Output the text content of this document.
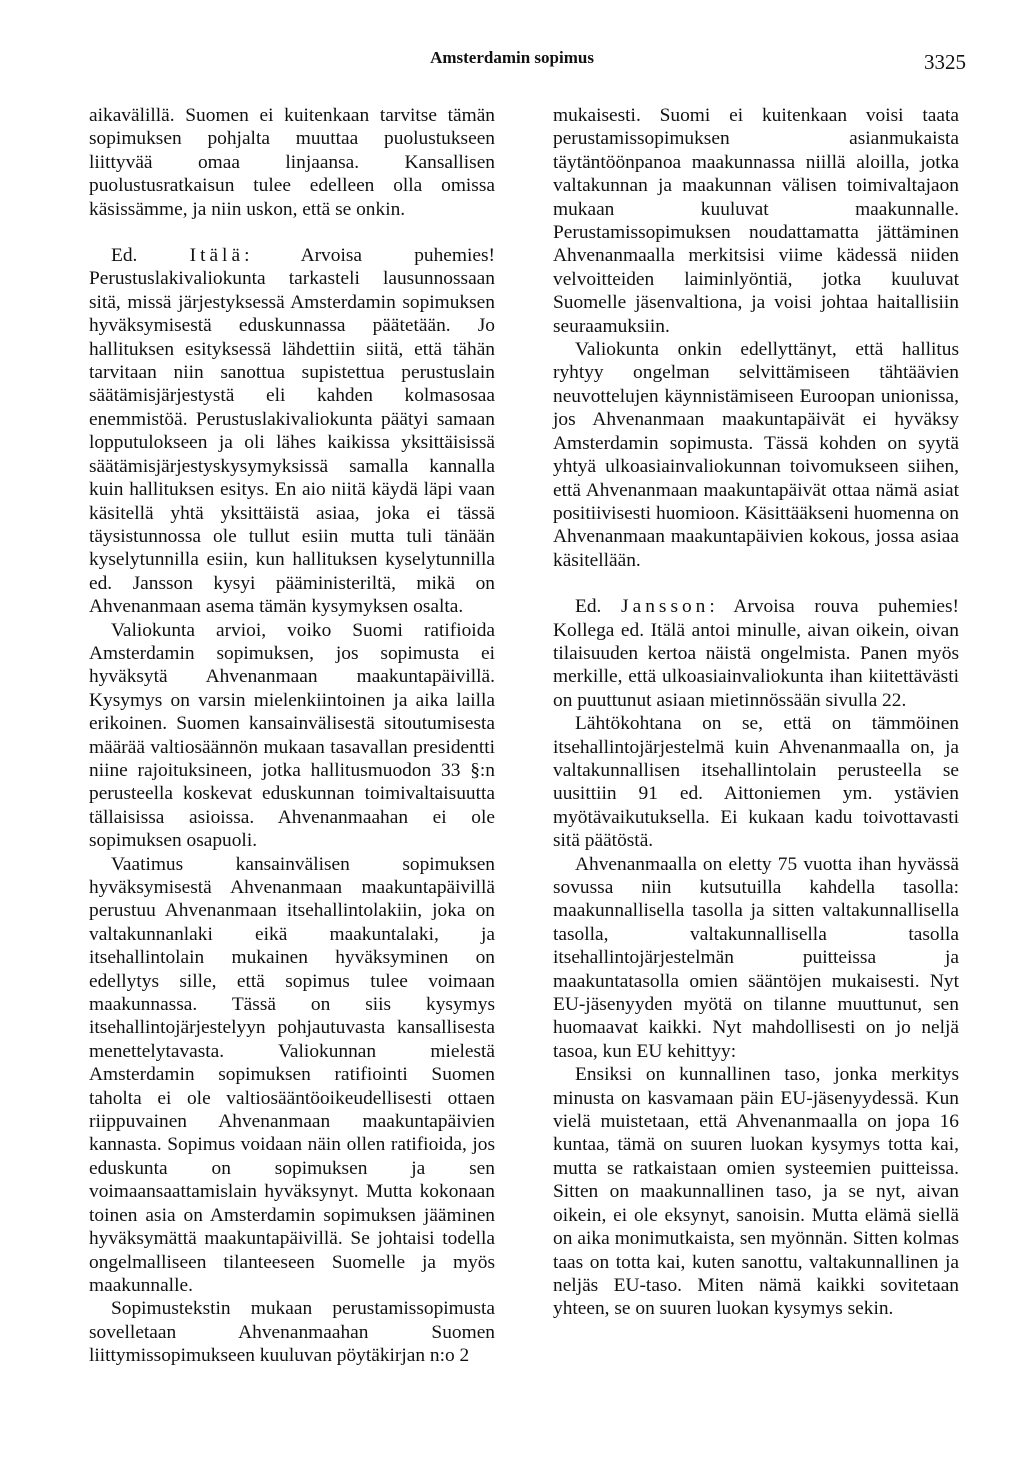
Amsterdamin sopimus	3325

aikavälillä. Suomen ei kuitenkaan tarvitse tämän sopimuksen pohjalta muuttaa puolustukseen liittyvää omaa linjaansa. Kansallisen puolustusratkaisun tulee edelleen olla omissa käsissämme, ja niin uskon, että se onkin.

Ed. Itälä: Arvoisa puhemies! Perustuslakivaliokunta tarkasteli lausunnossaan sitä, missä järjestyksessä Amsterdamin sopimuksen hyväksymisestä eduskunnassa päätetään. Jo hallituksen esityksessä lähdettiin siitä, että tähän tarvitaan niin sanottua supistettua perustuslain säätämisjärjestystä eli kahden kolmasosaa enemmistöä. Perustuslakivaliokunta päätyi samaan lopputulokseen ja oli lähes kaikissa yksittäisissä säätämisjärjestyskysymyksissä samalla kannalla kuin hallituksen esitys. En aio niitä käydä läpi vaan käsitellä yhtä yksittäistä asiaa, joka ei tässä täysistunnossa ole tullut esiin mutta tuli tänään kyselytunnilla esiin, kun hallituksen kyselytunnilla ed. Jansson kysyi pääministeriltä, mikä on Ahvenanmaan asema tämän kysymyksen osalta.

Valiokunta arvioi, voiko Suomi ratifioida Amsterdamin sopimuksen, jos sopimusta ei hyväksytä Ahvenanmaan maakuntapäivillä. Kysymys on varsin mielenkiintoinen ja aika lailla erikoinen. Suomen kansainvälisestä sitoutumisesta määrää valtiosäännön mukaan tasavallan presidentti niine rajoituksineen, jotka hallitusmuodon 33 §:n perusteella koskevat eduskunnan toimivaltaisuutta tällaisissa asioissa. Ahvenanmaahan ei ole sopimuksen osapuoli.

Vaatimus kansainvälisen sopimuksen hyväksymisestä Ahvenanmaan maakuntapäivillä perustuu Ahvenanmaan itsehallintolakiin, joka on valtakunnanlaki eikä maakuntalaki, ja itsehallintolain mukainen hyväksyminen on edellytys sille, että sopimus tulee voimaan maakunnassa. Tässä on siis kysymys itsehallintojärjestelyyn pohjautuvasta kansallisesta menettelytavasta. Valiokunnan mielestä Amsterdamin sopimuksen ratifiointi Suomen taholta ei ole valtiosääntöoikeudellisesti ottaen riippuvainen Ahvenanmaan maakuntapäivien kannasta. Sopimus voidaan näin ollen ratifioida, jos eduskunta on sopimuksen ja sen voimaansaattamislain hyväksynyt. Mutta kokonaan toinen asia on Amsterdamin sopimuksen jääminen hyväksymättä maakuntapäivillä. Se johtaisi todella ongelmalliseen tilanteeseen Suomelle ja myös maakunnalle.

Sopimustekstin mukaan perustamissopimusta sovelletaan Ahvenanmaahan Suomen liittymissopimukseen kuuluvan pöytäkirjan n:o 2

mukaisesti. Suomi ei kuitenkaan voisi taata perustamissopimuksen asianmukaista täytäntöönpanoa maakunnassa niillä aloilla, jotka valtakunnan ja maakunnan välisen toimivaltajaon mukaan kuuluvat maakunnalle. Perustamissopimuksen noudattamatta jättäminen Ahvenanmaalla merkitsisi viime kädessä niiden velvoitteiden laiminlyöntiä, jotka kuuluvat Suomelle jäsenvaltiona, ja voisi johtaa haitallisiin seuraamuksiin.

Valiokunta onkin edellyttänyt, että hallitus ryhtyy ongelman selvittämiseen tähtäävien neuvottelujen käynnistämiseen Euroopan unionissa, jos Ahvenanmaan maakuntapäivät ei hyväksy Amsterdamin sopimusta. Tässä kohden on syytä yhtyä ulkoasiainvaliokunnan toivomukseen siihen, että Ahvenanmaan maakuntapäivät ottaa nämä asiat positiivisesti huomioon. Käsittääkseni huomenna on Ahvenanmaan maakuntapäivien kokous, jossa asiaa käsitellään.

Ed. Jansson: Arvoisa rouva puhemies! Kollega ed. Itälä antoi minulle, aivan oikein, oivan tilaisuuden kertoa näistä ongelmista. Panen myös merkille, että ulkoasiainvaliokunta ihan kiitettävästi on puuttunut asiaan mietinnössään sivulla 22.

Lähtökohtana on se, että on tämmöinen itsehallintojärjestelmä kuin Ahvenanmaalla on, ja valtakunnallisen itsehallintolain perusteella se uusittiin 91 ed. Aittoniemen ym. ystävien myötävaikutuksella. Ei kukaan kadu toivottavasti sitä päätöstä.

Ahvenanmaalla on eletty 75 vuotta ihan hyvässä sovussa niin kutsutuilla kahdella tasolla: maakunnallisella tasolla ja sitten valtakunnallisella tasolla, valtakunnallisella tasolla itsehallintojärjestelmän puitteissa ja maakuntatasolla omien sääntöjen mukaisesti. Nyt EU-jäsenyyden myötä on tilanne muuttunut, sen huomaavat kaikki. Nyt mahdollisesti on jo neljä tasoa, kun EU kehittyy:

Ensiksi on kunnallinen taso, jonka merkitys minusta on kasvamaan päin EU-jäsenyydessä. Kun vielä muistetaan, että Ahvenanmaalla on jopa 16 kuntaa, tämä on suuren luokan kysymys totta kai, mutta se ratkaistaan omien systeemien puitteissa. Sitten on maakunnallinen taso, ja se nyt, aivan oikein, ei ole eksynyt, sanoisin. Mutta elämä siellä on aika monimutkaista, sen myönnän. Sitten kolmas taas on totta kai, kuten sanottu, valtakunnallinen ja neljäs EU-taso. Miten nämä kaikki sovitetaan yhteen, se on suuren luokan kysymys sekin.
